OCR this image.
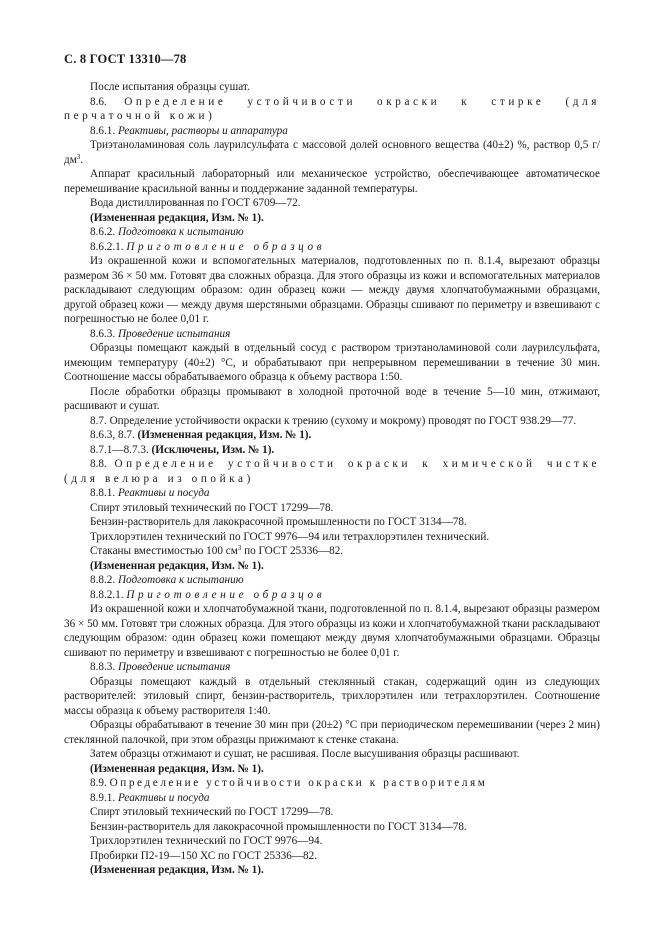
С. 8 ГОСТ 13310—78

После испытания образцы сушат.

8.6. Определение устойчивости окраски к стирке (для перчаточной кожи)

8.6.1. Реактивы, растворы и аппаратура

Триэтаноламиновая соль лаурилсульфата с массовой долей основного вещества (40±2) %, раствор 0,5 $г/дм^3$.

Аппарат красильный лабораторный или механическое устройство, обеспечивающее автоматическое перемешивание красильной ванны и поддержание заданной температуры.

Вода дистиллированная по ГОСТ 6709—72.

(Измененная редакция, Изм. № 1).

8.6.2. Подготовка к испытанию

8.6.2.1. Приготовление образцов

Из окрашенной кожи и вспомогательных материалов, подготовленных по п. 8.1.4, вырезают образцы размером 36 × 50 мм. Готовят два сложных образца. Для этого образцы из кожи и вспомогательных материалов раскладывают следующим образом: один образец кожи — между двумя хлопчатобумажными образцами, другой образец кожи — между двумя шерстяными образцами. Образцы сшивают по периметру и взвешивают с погрешностью не более 0,01 г.

8.6.3. Проведение испытания

Образцы помещают каждый в отдельный сосуд с раствором триэтаноламиновой соли лаурилсульфата, имеющим температуру (40±2) °С, и обрабатывают при непрерывном перемешивании в течение 30 мин. Соотношение массы обрабатываемого образца к объему раствора 1:50.

После обработки образцы промывают в холодной проточной воде в течение 5—10 мин, отжимают, расшивают и сушат.

8.7. Определение устойчивости окраски к трению (сухому и мокрому) проводят по ГОСТ 938.29—77.

8.6.3, 8.7. (Измененная редакция, Изм. № 1).

8.7.1—8.7.3. (Исключены, Изм. № 1).

8.8. Определение устойчивости окраски к химической чистке (для велюра из опойка)

8.8.1. Реактивы и посуда

Спирт этиловый технический по ГОСТ 17299—78.

Бензин-растворитель для лакокрасочной промышленности по ГОСТ 3134—78.

Трихлорэтилен технический по ГОСТ 9976—94 или тетрахлорэтилен технический.

Стаканы вместимостью 100 $см^3$ по ГОСТ 25336—82.

(Измененная редакция, Изм. № 1).

8.8.2. Подготовка к испытанию

8.8.2.1. Приготовление образцов

Из окрашенной кожи и хлопчатобумажной ткани, подготовленной по п. 8.1.4, вырезают образцы размером 36 × 50 мм. Готовят три сложных образца. Для этого образцы из кожи и хлопчатобумажной ткани раскладывают следующим образом: один образец кожи помещают между двумя хлопчатобумажными образцами. Образцы сшивают по периметру и взвешивают с погрешностью не более 0,01 г.

8.8.3. Проведение испытания

Образцы помещают каждый в отдельный стеклянный стакан, содержащий один из следующих растворителей: этиловый спирт, бензин-растворитель, трихлорэтилен или тетрахлорэтилен. Соотношение массы образца к объему растворителя 1:40.

Образцы обрабатывают в течение 30 мин при (20±2) °С при периодическом перемешивании (через 2 мин) стеклянной палочкой, при этом образцы прижимают к стенке стакана.

Затем образцы отжимают и сушат, не расшивая. После высушивания образцы расшивают.

(Измененная редакция, Изм. № 1).

8.9. Определение устойчивости окраски к растворителям

8.9.1. Реактивы и посуда

Спирт этиловый технический по ГОСТ 17299—78.

Бензин-растворитель для лакокрасочной промышленности по ГОСТ 3134—78.

Трихлорэтилен технический по ГОСТ 9976—94.

Пробирки П2-19—150 ХС по ГОСТ 25336—82.

(Измененная редакция, Изм. № 1).
